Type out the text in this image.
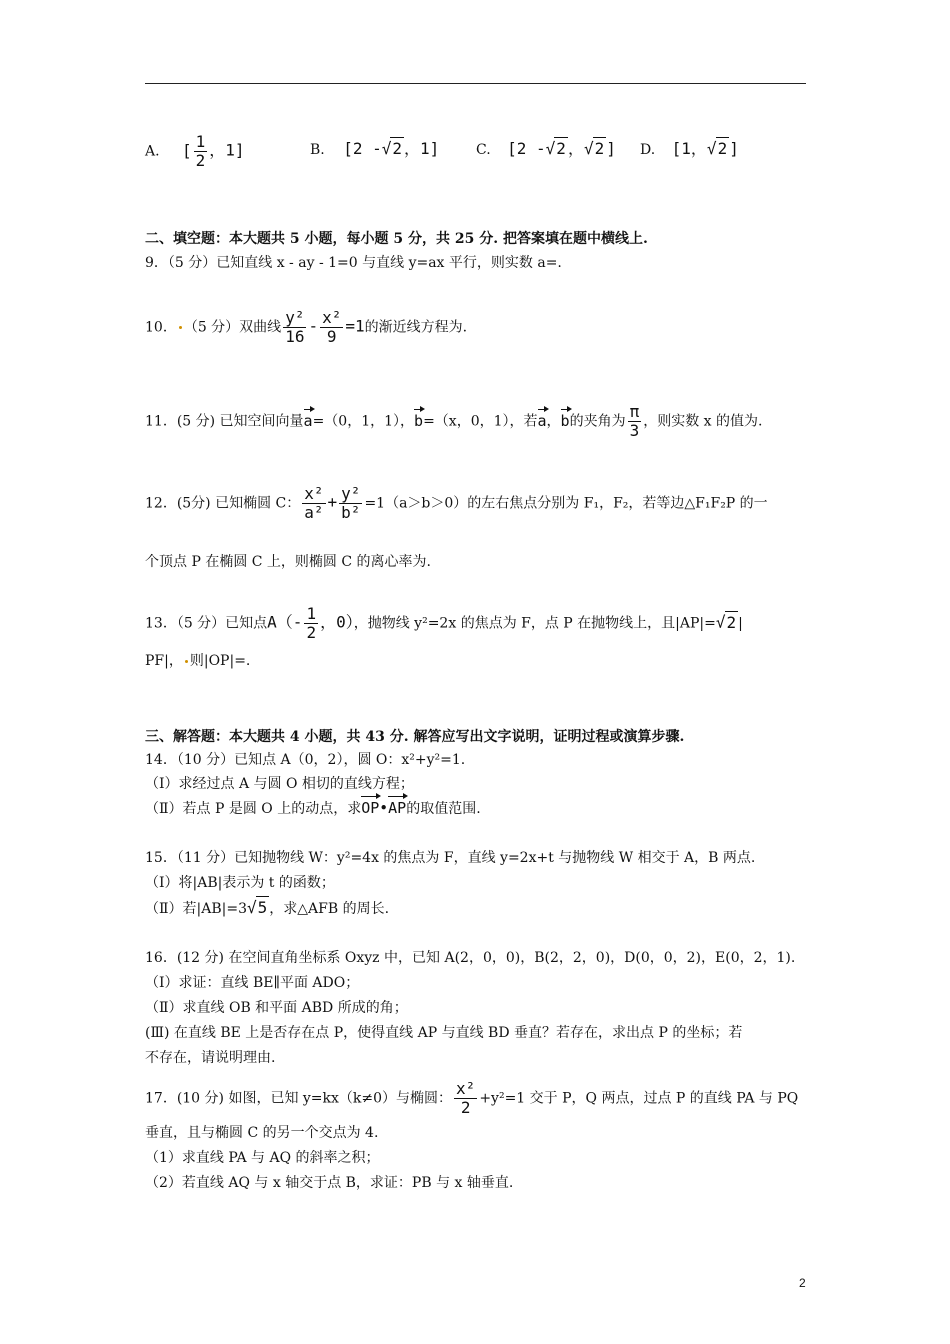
A. [ $\frac{1}{2}$ ，1]	B. [2 -√2 ，1]	C. [2 -√2 ，√2 ] D. [1，√2 ]
二、填空题：本大题共 5 小题，每小题 5 分，共 25 分. 把答案填在题中横线上.
9．（5 分）已知直线 x - ay - 1=0 与直线 y=ax 平行，则实数 a=.
10． （5 分）双曲线 $\frac{\text{y²}}{16} - \frac{\text{x²}}{9} =1$的渐近线方程为.
11．(5 分) 已知空间向量a=（0，1，1），b=（x，0，1），若a，b的夹角为 $\frac{\pi}{3}$ ，则实数 x 的值为.
12．(5分) 已知椭圆 C： $\frac{\text{x²}}{\text{a²}} + \frac{\text{y²}}{\text{b²}} =1(a>b>0)$的左右焦点分别为 F₁，F₂，若等边△F₁F₂P 的一
个顶点 P 在椭圆 C 上，则椭圆 C 的离心率为.
13．（5 分）已知点$A(- \frac{1}{2}$ ，0），抛物线 y²=2x 的焦点为 F，点 P 在抛物线上，且|AP|=√2 |
PF|， 则|OP|=.
三、解答题：本大题共 4 小题，共 43 分. 解答应写出文字说明，证明过程或演算步骤.
14．（10 分）已知点 A（0，2），圆 O：x²+y²=1.
（Ⅰ）求经过点 A 与圆 O 相切的直线方程；
（Ⅱ）若点 P 是圆 O 上的动点，求OP•AP的取值范围.
15．（11 分）已知抛物线 W：y²=4x 的焦点为 F，直线 y=2x+t 与抛物线 W 相交于 A，B 两点.
（Ⅰ）将|AB|表示为 t 的函数；
（Ⅱ）若|AB|=3√5 ，求△AFB 的周长.
16．(12 分) 在空间直角坐标系 Oxyz 中，已知 A(2，0，0)，B(2，2，0)，D(0，0，2)，E(0，2，1).
（Ⅰ）求证：直线 BE∥平面 ADO；
（Ⅱ）求直线 OB 和平面 ABD 所成的角；
(Ⅲ) 在直线 BE 上是否存在点 P，使得直线 AP 与直线 BD 垂直？若存在，求出点 P 的坐标；若
不存在，请说明理由.
17．(10 分) 如图，已知 y=kx（k≠0）与椭圆： $\frac{\text{x²}}{2} +y^2=1$ 交于 P，Q 两点，过点 P 的直线 PA 与 PQ
垂直，且与椭圆 C 的另一个交点为 4.
（1）求直线 PA 与 AQ 的斜率之积；
（2）若直线 AQ 与 x 轴交于点 B，求证：PB 与 x 轴垂直.
2
